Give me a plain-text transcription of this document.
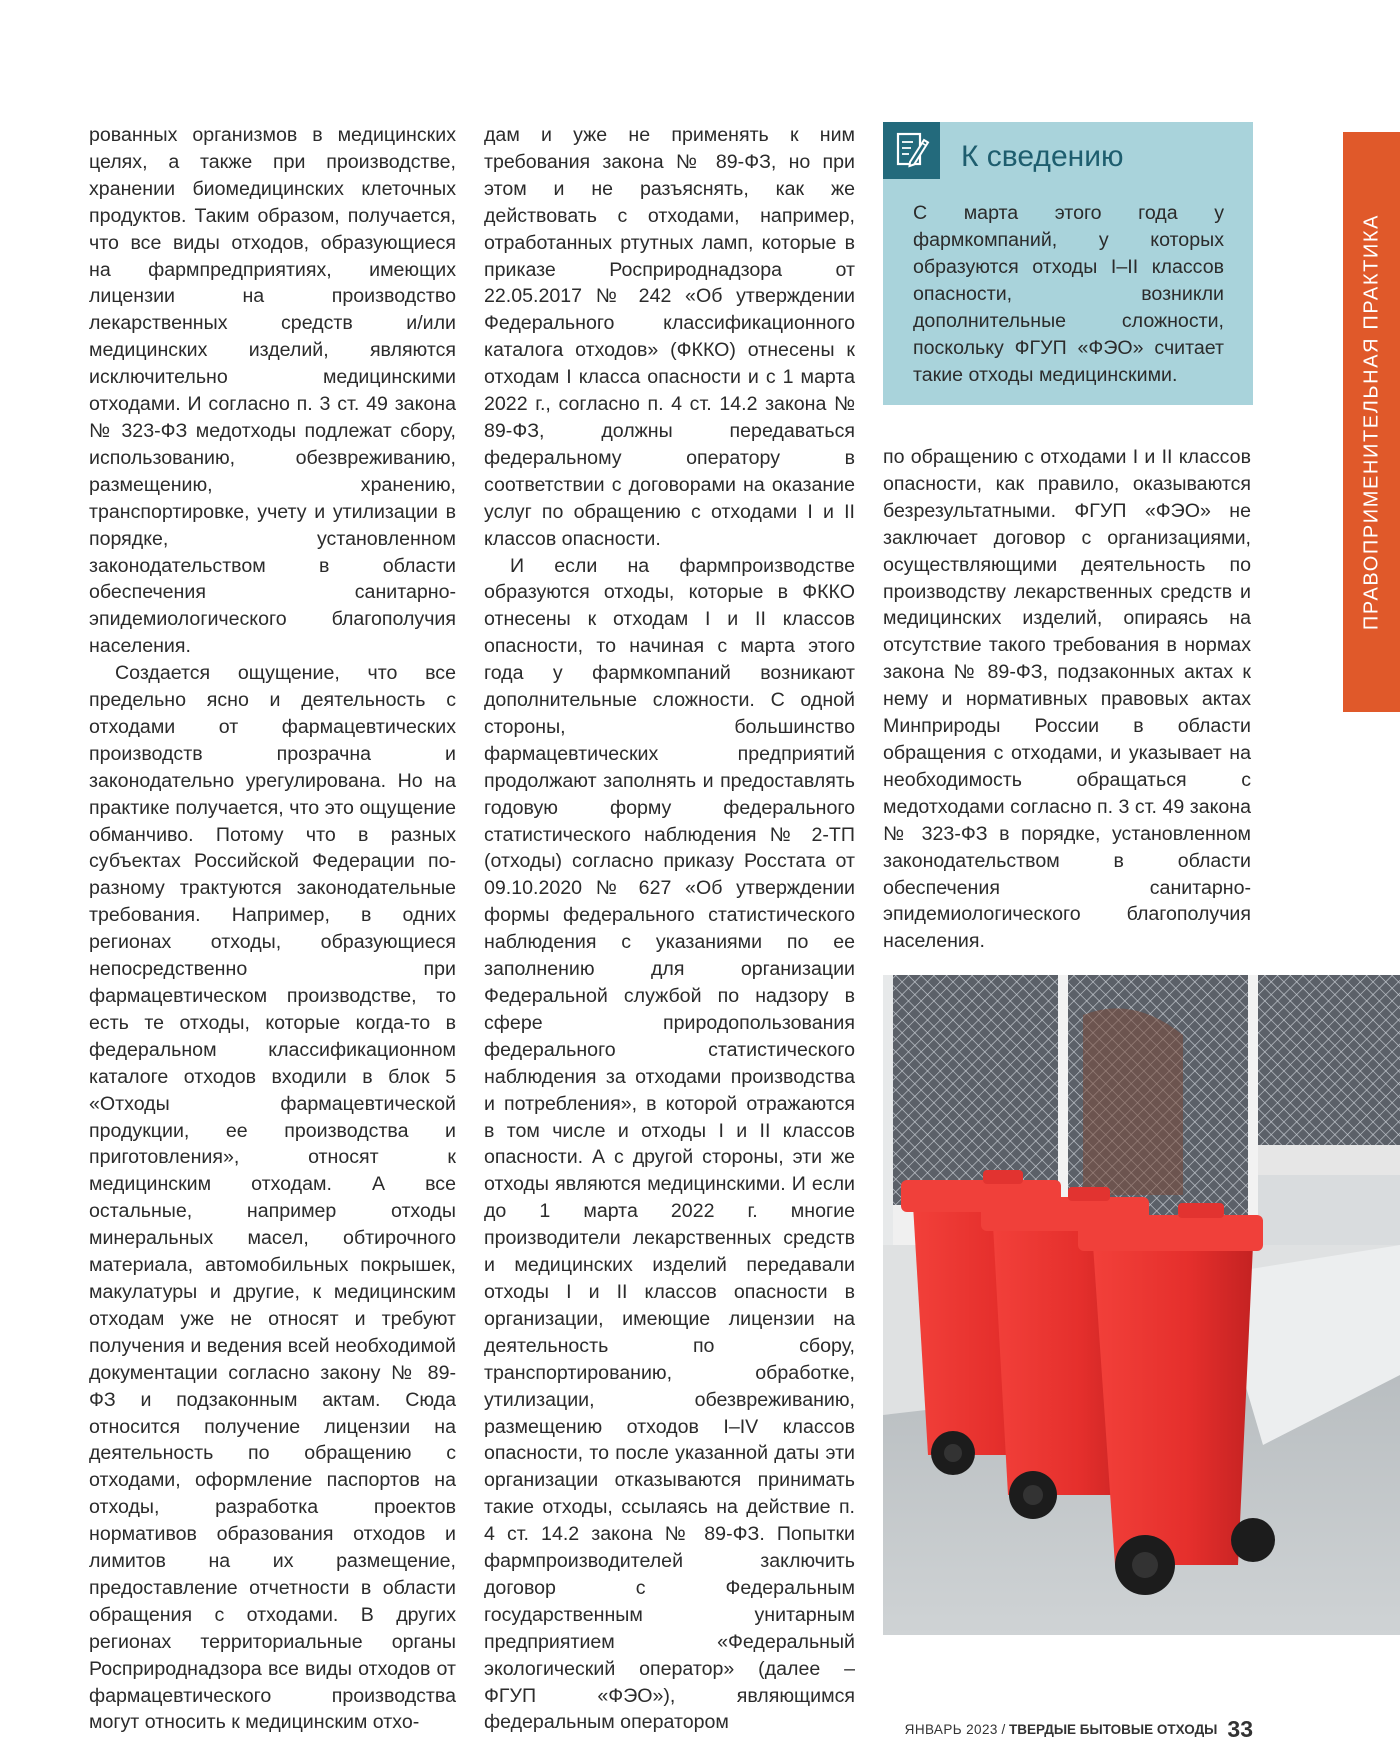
рованных организмов в медицинских целях, а также при производстве, хранении биомедицинских клеточных продуктов. Таким образом, получается, что все виды отходов, образующиеся на фармпредприятиях, имеющих лицензии на производство лекарственных средств и/или медицинских изделий, являются исключительно медицинскими отходами. И согласно п. 3 ст. 49 закона № 323-ФЗ медотходы подлежат сбору, использованию, обезвреживанию, размещению, хранению, транспортировке, учету и утилизации в порядке, установленном законодательством в области обеспечения санитарно-эпидемиологического благополучия населения.

Создается ощущение, что все предельно ясно и деятельность с отходами от фармацевтических производств прозрачна и законодательно урегулирована. Но на практике получается, что это ощущение обманчиво. Потому что в разных субъектах Российской Федерации по-разному трактуются законодательные требования. Например, в одних регионах отходы, образующиеся непосредственно при фармацевтическом производстве, то есть те отходы, которые когда-то в федеральном классификационном каталоге отходов входили в блок 5 «Отходы фармацевтической продукции, ее производства и приготовления», относят к медицинским отходам. А все остальные, например отходы минеральных масел, обтирочного материала, автомобильных покрышек, макулатуры и другие, к медицинским отходам уже не относят и требуют получения и ведения всей необходимой документации согласно закону № 89-ФЗ и подзаконным актам. Сюда относится получение лицензии на деятельность по обращению с отходами, оформление паспортов на отходы, разработка проектов нормативов образования отходов и лимитов на их размещение, предоставление отчетности в области обращения с отходами. В других регионах территориальные органы Росприроднадзора все виды отходов от фармацевтического производства могут относить к медицинским отхо-

дам и уже не применять к ним требования закона № 89-ФЗ, но при этом и не разъяснять, как же действовать с отходами, например, отработанных ртутных ламп, которые в приказе Росприроднадзора от 22.05.2017 № 242 «Об утверждении Федерального классификационного каталога отходов» (ФККО) отнесены к отходам I класса опасности и с 1 марта 2022 г., согласно п. 4 ст. 14.2 закона № 89-ФЗ, должны передаваться федеральному оператору в соответствии с договорами на оказание услуг по обращению с отходами I и II классов опасности.

И если на фармпроизводстве образуются отходы, которые в ФККО отнесены к отходам I и II классов опасности, то начиная с марта этого года у фармкомпаний возникают дополнительные сложности. С одной стороны, большинство фармацевтических предприятий продолжают заполнять и предоставлять годовую форму федерального статистического наблюдения № 2-ТП (отходы) согласно приказу Росстата от 09.10.2020 № 627 «Об утверждении формы федерального статистического наблюдения с указаниями по ее заполнению для организации Федеральной службой по надзору в сфере природопользования федерального статистического наблюдения за отходами производства и потребления», в которой отражаются в том числе и отходы I и II классов опасности. А с другой стороны, эти же отходы являются медицинскими. И если до 1 марта 2022 г. многие производители лекарственных средств и медицинских изделий передавали отходы I и II классов опасности в организации, имеющие лицензии на деятельность по сбору, транспортированию, обработке, утилизации, обезвреживанию, размещению отходов I–IV классов опасности, то после указанной даты эти организации отказываются принимать такие отходы, ссылаясь на действие п. 4 ст. 14.2 закона № 89-ФЗ. Попытки фармпроизводителей заключить договор с Федеральным государственным унитарным предприятием «Федеральный экологический оператор» (далее – ФГУП «ФЭО»), являющимся федеральным оператором

К сведению
С марта этого года у фармкомпаний, у которых образуются отходы I–II классов опасности, возникли дополнительные сложности, поскольку ФГУП «ФЭО» считает такие отходы медицинскими.

по обращению с отходами I и II классов опасности, как правило, оказываются безрезультатными. ФГУП «ФЭО» не заключает договор с организациями, осуществляющими деятельность по производству лекарственных средств и медицинских изделий, опираясь на отсутствие такого требования в нормах закона № 89-ФЗ, подзаконных актах к нему и нормативных правовых актах Минприроды России в области обращения с отходами, и указывает на необходимость обращаться с медотходами согласно п. 3 ст. 49 закона № 323-ФЗ в порядке, установленном законодательством в области обеспечения санитарно-эпидемиологического благополучия населения.

ПРАВОПРИМЕНИТЕЛЬНАЯ ПРАКТИКА
ЯНВАРЬ 2023 / ТВЕРДЫЕ БЫТОВЫЕ ОТХОДЫ 33
